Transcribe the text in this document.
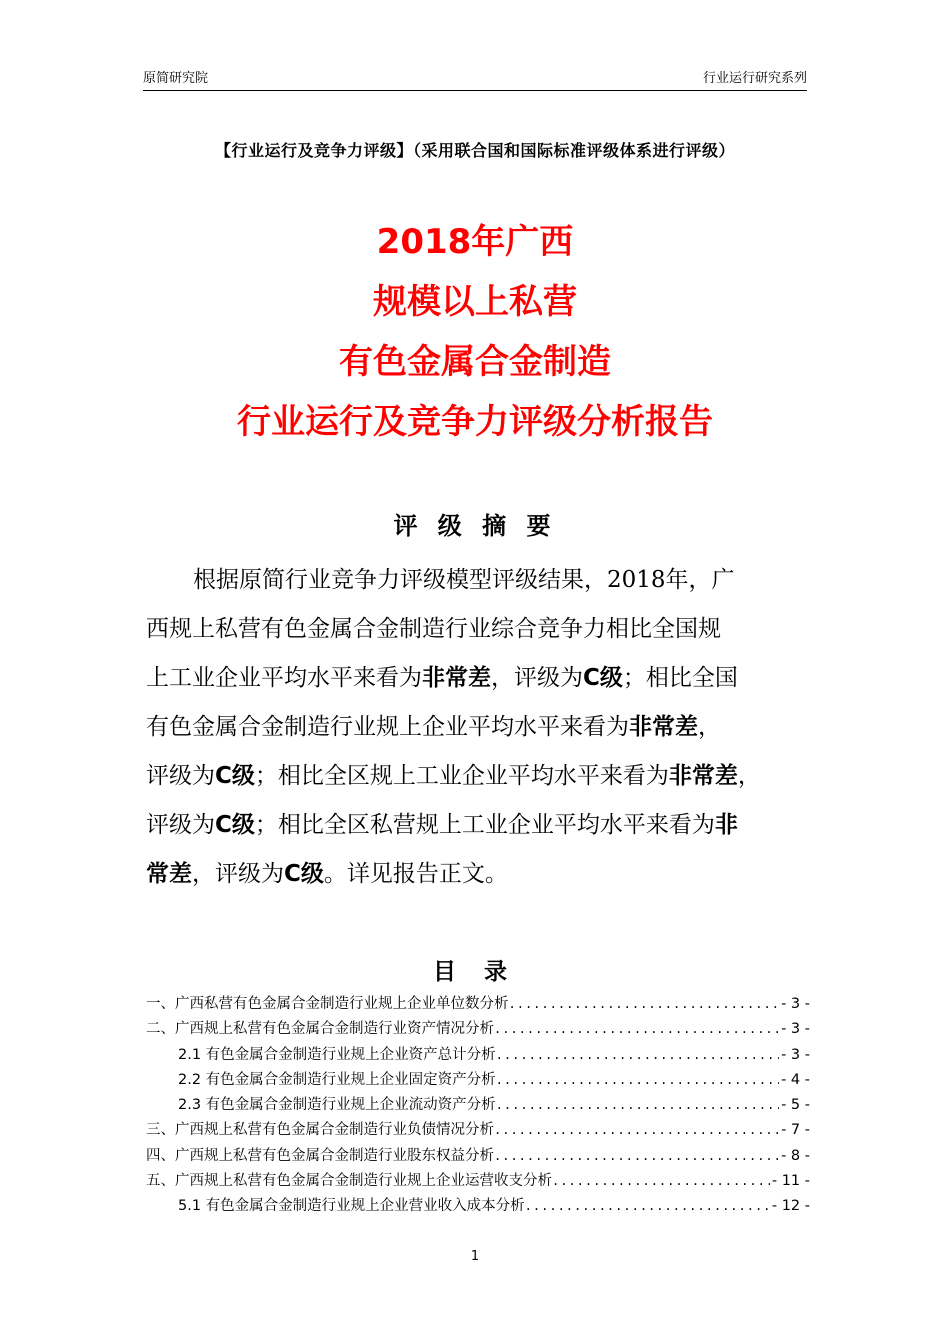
原简研究院	行业运行研究系列
【行业运行及竞争力评级】（采用联合国和国际标准评级体系进行评级）
2018年广西
规模以上私营
有色金属合金制造
行业运行及竞争力评级分析报告
评 级 摘 要
根据原简行业竞争力评级模型评级结果，2018年，广
西规上私营有色金属合金制造行业综合竞争力相比全国规
上工业企业平均水平来看为非常差，评级为C级；相比全国
有色金属合金制造行业规上企业平均水平来看为非常差，
评级为C级；相比全区规上工业企业平均水平来看为非常差，
评级为C级；相比全区私营规上工业企业平均水平来看为非
常差，评级为C级。详见报告正文。
目 录
一、广西私营有色金属合金制造行业规上企业单位数分析 .....	- 3 -
二、广西规上私营有色金属合金制造行业资产情况分析 .....	- 3 -
2.1 有色金属合金制造行业规上企业资产总计分析 .....	- 3 -
2.2 有色金属合金制造行业规上企业固定资产分析 .....	- 4 -
2.3 有色金属合金制造行业规上企业流动资产分析 .....	- 5 -
三、广西规上私营有色金属合金制造行业负债情况分析 .....	- 7 -
四、广西规上私营有色金属合金制造行业股东权益分析 .....	- 8 -
五、广西规上私营有色金属合金制造行业规上企业运营收支分析 .....	- 11 -
5.1 有色金属合金制造行业规上企业营业收入成本分析 .....	- 12 -
1
